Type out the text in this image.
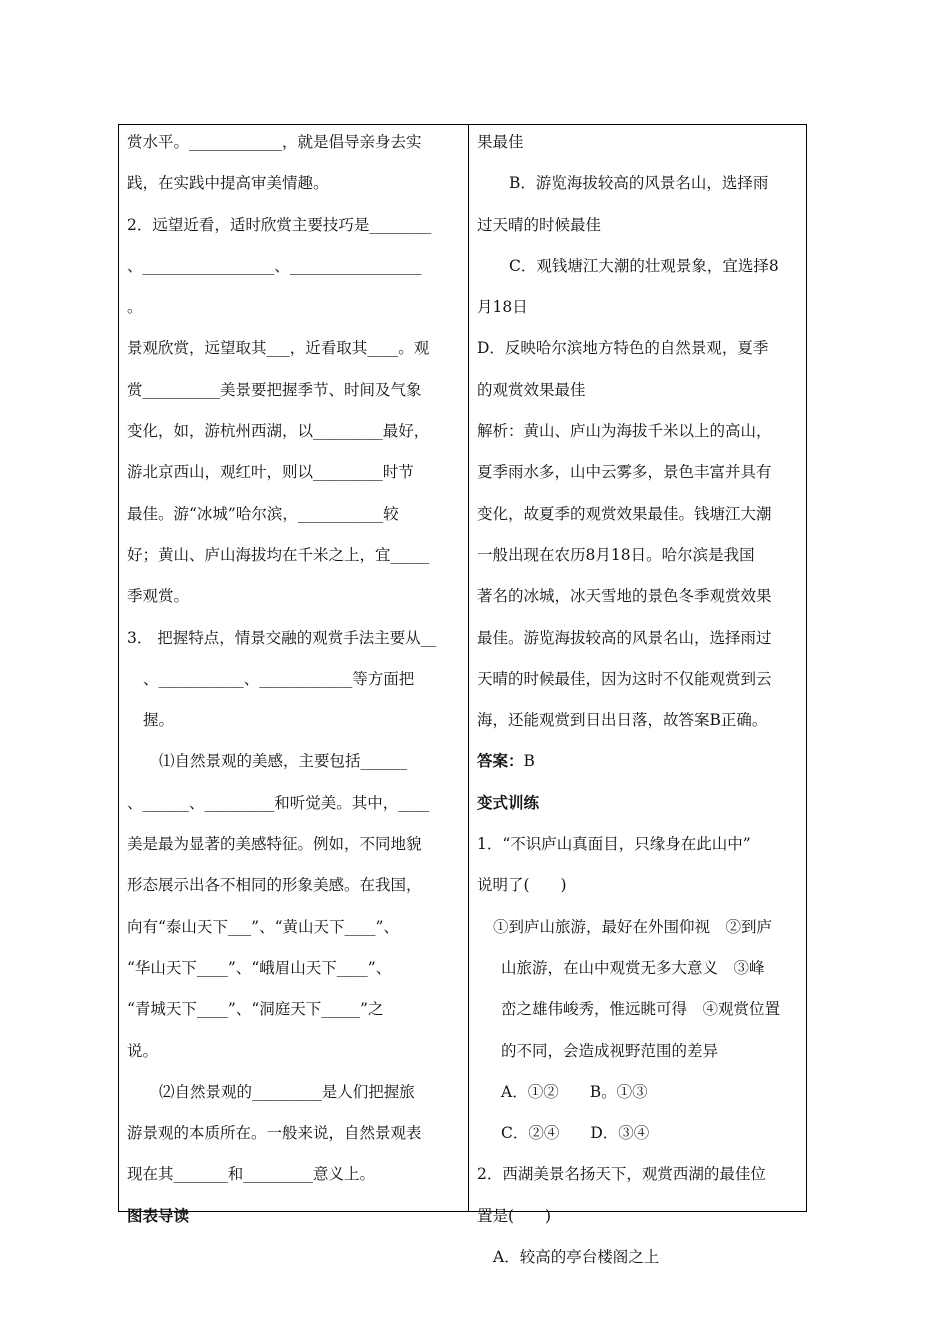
赏水平。____________，就是倡导亲身去实
践，在实践中提高审美情趣。
2．远望近看，适时欣赏主要技巧是________
、_________________、_________________
。
景观欣赏，远望取其___，近看取其____。观
赏__________美景要把握季节、时间及气象
变化，如，游杭州西湖，以_________最好，
游北京西山，观红叶，则以_________时节
最佳。游“冰城”哈尔滨，___________较
好；黄山、庐山海拔均在千米之上，宜_____
季观赏。
3． 把握特点，情景交融的观赏手法主要从__
、___________、____________等方面把
握。
⑴自然景观的美感，主要包括______
、______、_________和听觉美。其中，____
美是最为显著的美感特征。例如，不同地貌
形态展示出各不相同的形象美感。在我国，
向有“泰山天下___”、“黄山天下____”、
“华山天下____”、“峨眉山天下____”、
“青城天下____”、“洞庭天下_____”之
说。
⑵自然景观的_________是人们把握旅
游景观的本质所在。一般来说，自然景观表
现在其_______和_________意义上。
图表导读
果最佳
B．游览海拔较高的风景名山，选择雨
过天晴的时候最佳
C．观钱塘江大潮的壮观景象，宜选择8
月18日
D．反映哈尔滨地方特色的自然景观，夏季
的观赏效果最佳
解析：黄山、庐山为海拔千米以上的高山，
夏季雨水多，山中云雾多，景色丰富并具有
变化，故夏季的观赏效果最佳。钱塘江大潮
一般出现在农历8月18日。哈尔滨是我国
著名的冰城，冰天雪地的景色冬季观赏效果
最佳。游览海拔较高的风景名山，选择雨过
天晴的时候最佳，因为这时不仅能观赏到云
海，还能观赏到日出日落，故答案B正确。
答案：B
变式训练
1．“不识庐山真面目，只缘身在此山中”
说明了(　　)
①到庐山旅游，最好在外围仰视　②到庐
山旅游，在山中观赏无多大意义　③峰
峦之雄伟峻秀，惟远眺可得　④观赏位置
的不同，会造成视野范围的差异
A．①②　　B。①③
C．②④　　D．③④
2．西湖美景名扬天下，观赏西湖的最佳位
置是(　　)
A．较高的亭台楼阁之上
